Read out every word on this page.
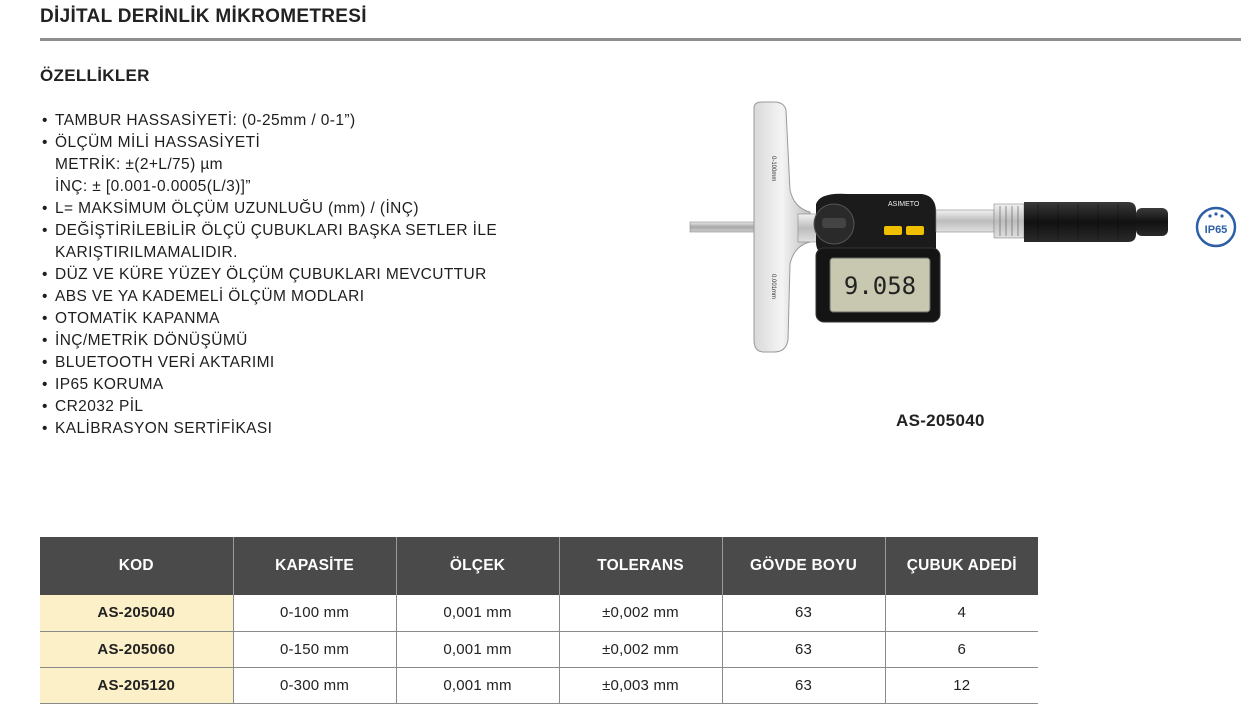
DİJİTAL DERİNLİK MİKROMETRESİ
ÖZELLİKLER
• TAMBUR HASSASİYETİ: (0-25mm / 0-1”)
• ÖLÇÜM MİLİ HASSASİYETİ
METRİK: ±(2+L/75) µm
İNÇ: ± [0.001-0.0005(L/3)]”
• L= MAKSİMUM ÖLÇÜM UZUNLUĞU (mm) / (İNÇ)
• DEĞİŞTİRİLEBİLİR ÖLÇÜ ÇUBUKLARI BAŞKA SETLER İLE
KARIŞTIRILMAMALIDIR.
• DÜZ VE KÜRE YÜZEY ÖLÇÜM ÇUBUKLARI MEVCUTTUR
• ABS VE YA KADEMELİ ÖLÇÜM MODLARI
• OTOMATİK KAPANMA
• İNÇ/METRİK DÖNÜŞÜMÜ
• BLUETOOTH VERİ AKTARIMI
• IP65 KORUMA
• CR2032 PİL
• KALİBRASYON SERTİFİKASI
0-100mm
0.001mm
ASIMETO
9.058
IP65
AS-205040
KOD	KAPASİTE	ÖLÇEK	TOLERANS	GÖVDE BOYU	ÇUBUK ADEDİ
AS-205040	0-100 mm	0,001 mm	±0,002 mm	63	4
AS-205060	0-150 mm	0,001 mm	±0,002 mm	63	6
AS-205120	0-300 mm	0,001 mm	±0,003 mm	63	12
